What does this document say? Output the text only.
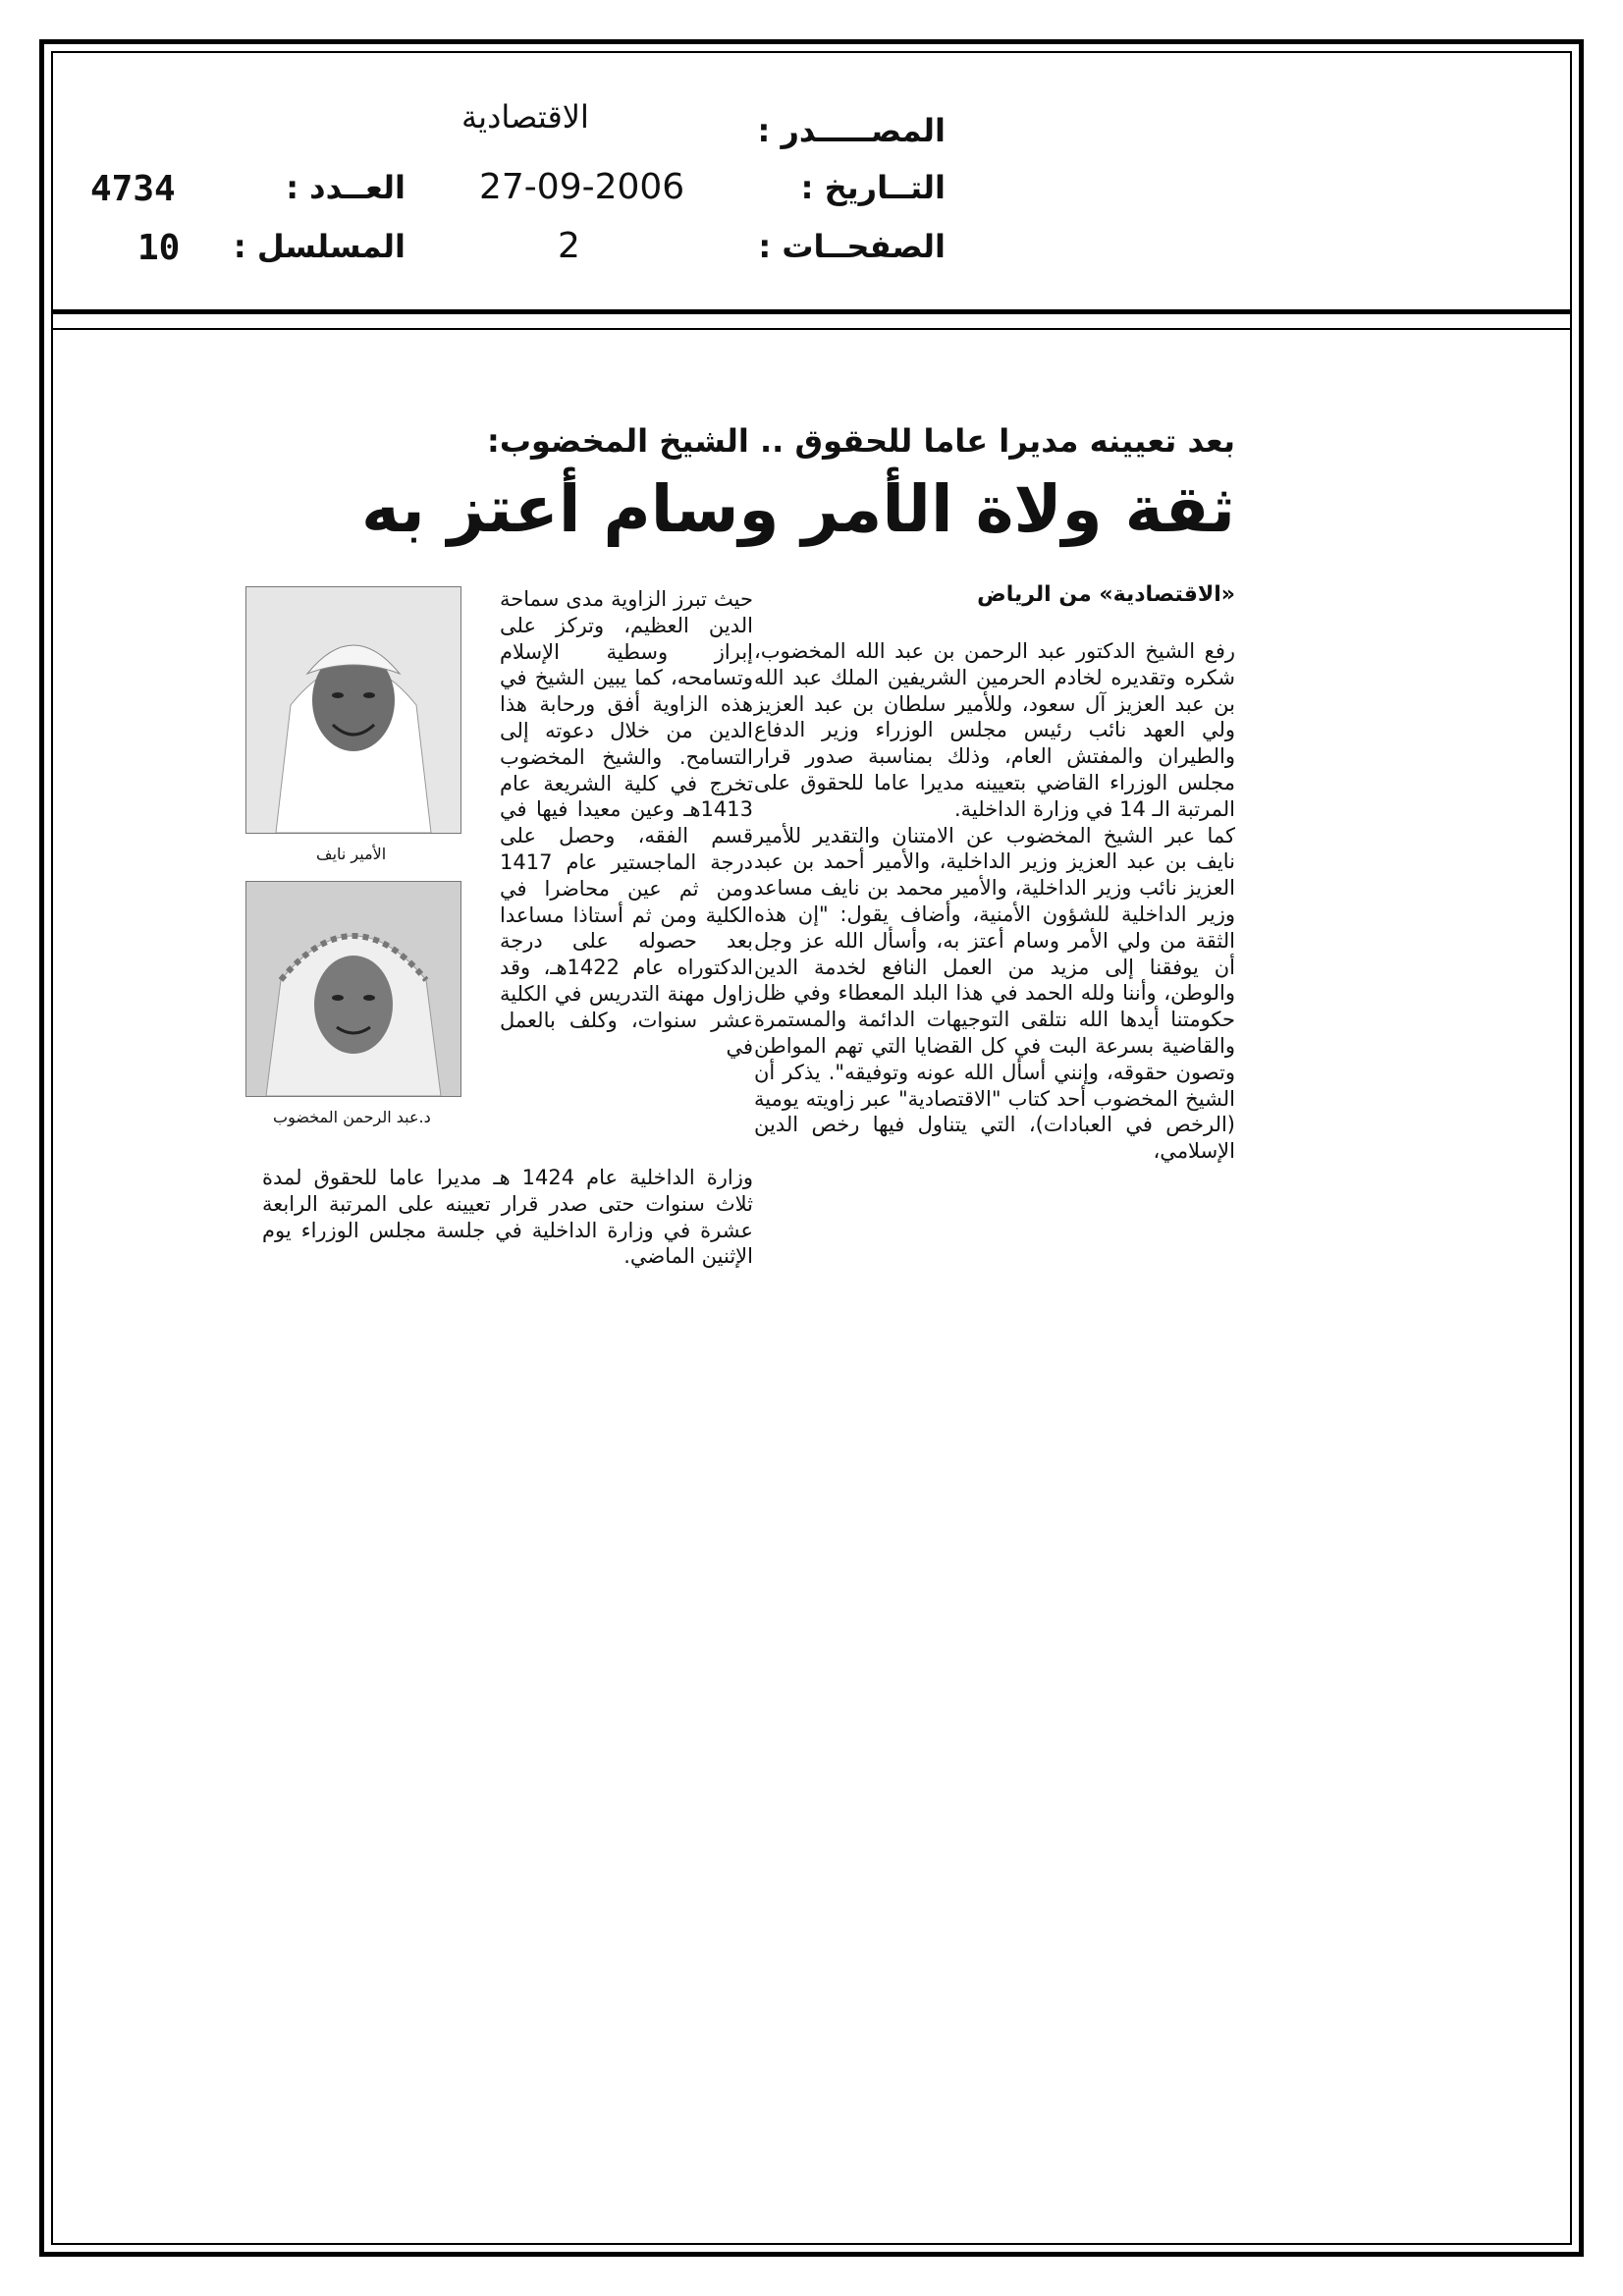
المصـــــدر :
الاقتصادية
التــاريخ :
27-09-2006
الصفحــات :
2
العــدد :
4734
المسلسل :
10
بعد تعيينه مديرا عاما للحقوق .. الشيخ المخضوب:
ثقة ولاة الأمر وسام أعتز به
«الاقتصادية» من الرياض

رفع الشيخ الدكتور عبد الرحمن بن عبد الله المخضوب، شكره وتقديره لخادم الحرمين الشريفين الملك عبد الله بن عبد العزيز آل سعود، وللأمير سلطان بن عبد العزيز ولي العهد نائب رئيس مجلس الوزراء وزير الدفاع والطيران والمفتش العام، وذلك بمناسبة صدور قرار مجلس الوزراء القاضي بتعيينه مديرا عاما للحقوق على المرتبة الـ 14 في وزارة الداخلية.

كما عبر الشيخ المخضوب عن الامتنان والتقدير للأمير نايف بن عبد العزيز وزير الداخلية، والأمير أحمد بن عبد العزيز نائب وزير الداخلية، والأمير محمد بن نايف مساعد وزير الداخلية للشؤون الأمنية، وأضاف يقول: "إن هذه الثقة من ولي الأمر وسام أعتز به، وأسأل الله عز وجل أن يوفقنا إلى مزيد من العمل النافع لخدمة الدين والوطن، وأننا ولله الحمد في هذا البلد المعطاء وفي ظل حكومتنا أيدها الله نتلقى التوجيهات الدائمة والمستمرة والقاضية بسرعة البت في كل القضايا التي تهم المواطن وتصون حقوقه، وإنني أسأل الله عونه وتوفيقه". يذكر أن الشيخ المخضوب أحد كتاب "الاقتصادية" عبر زاويته يومية (الرخص في العبادات)، التي يتناول فيها رخص الدين الإسلامي،

حيث تبرز الزاوية مدى سماحة الدين العظيم، وتركز على إبراز وسطية الإسلام وتسامحه، كما يبين الشيخ في هذه الزاوية أفق ورحابة هذا الدين من خلال دعوته إلى التسامح. والشيخ المخضوب تخرج في كلية الشريعة عام 1413هـ وعين معيدا فيها في قسم الفقه، وحصل على درجة الماجستير عام 1417 ومن ثم عين محاضرا في الكلية ومن ثم أستاذا مساعدا بعد حصوله على درجة الدكتوراه عام 1422هـ، وقد زاول مهنة التدريس في الكلية عشر سنوات، وكلف بالعمل في

وزارة الداخلية عام 1424 هـ مديرا عاما للحقوق لمدة ثلاث سنوات حتى صدر قرار تعيينه على المرتبة الرابعة عشرة في وزارة الداخلية في جلسة مجلس الوزراء يوم الإثنين الماضي.

الأمير نايف
د.عبد الرحمن المخضوب
